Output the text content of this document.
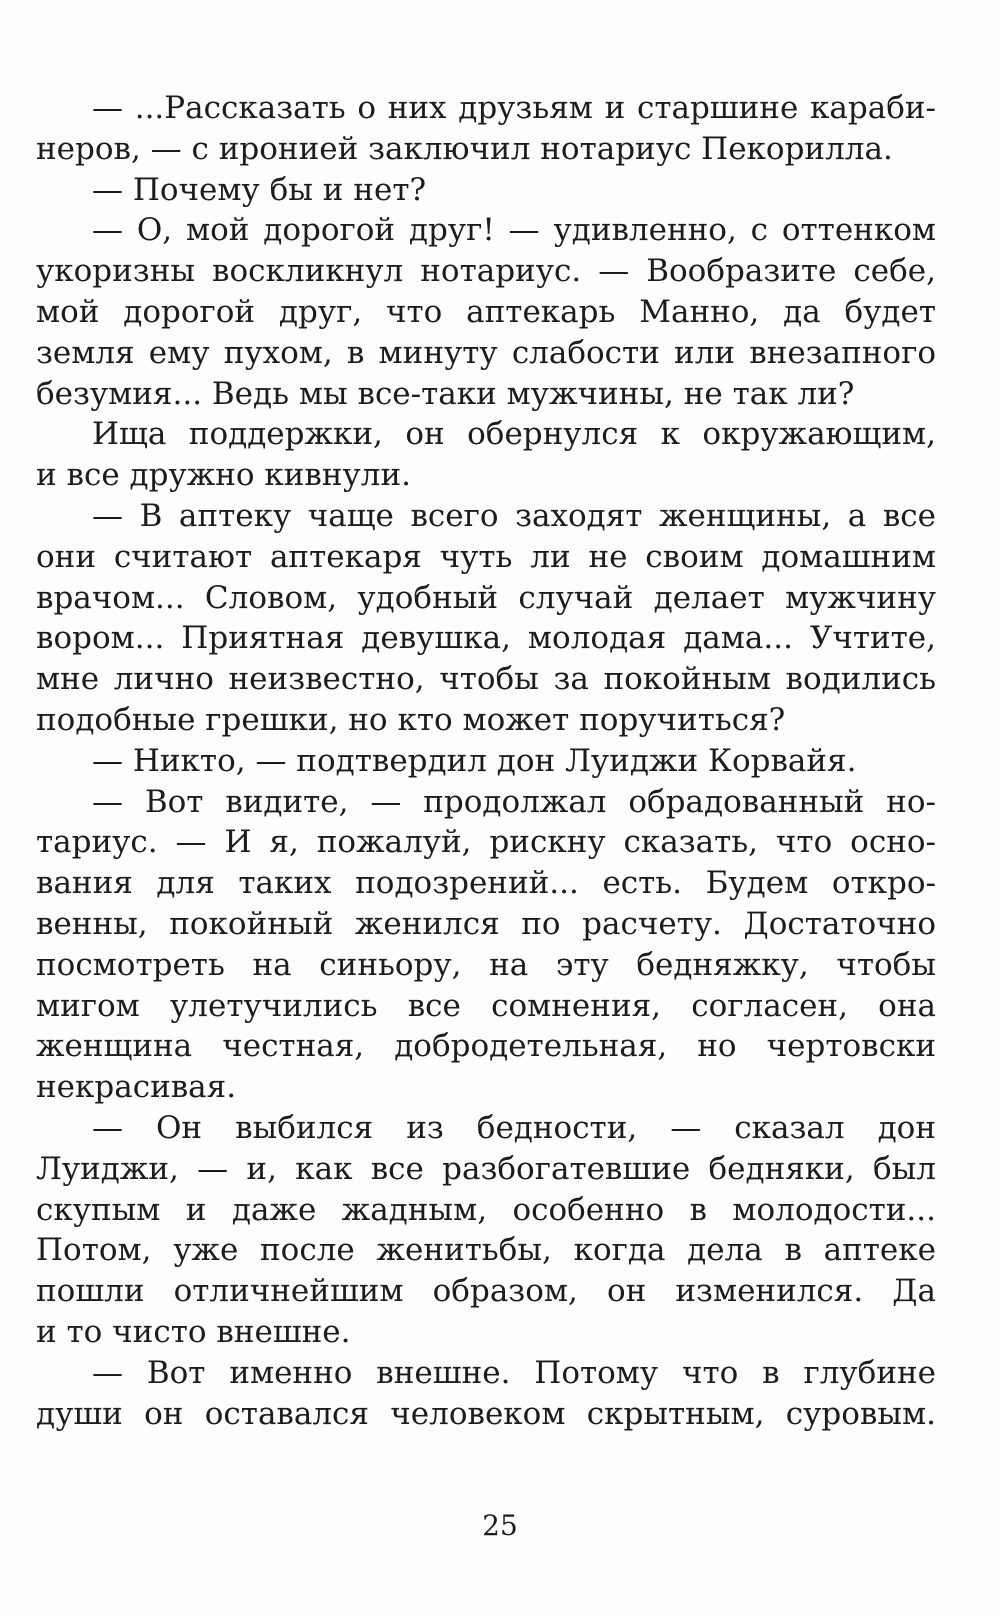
— ...Рассказать о них друзьям и старшине караби-
неров, — с иронией заключил нотариус Пекорилла.
— Почему бы и нет?
— О, мой дорогой друг! — удивленно, с оттенком
укоризны воскликнул нотариус. — Вообразите себе,
мой дорогой друг, что аптекарь Манно, да будет
земля ему пухом, в минуту слабости или внезапного
безумия... Ведь мы все-таки мужчины, не так ли?
Ища поддержки, он обернулся к окружающим,
и все дружно кивнули.
— В аптеку чаще всего заходят женщины, а все
они считают аптекаря чуть ли не своим домашним
врачом... Словом, удобный случай делает мужчину
вором... Приятная девушка, молодая дама... Учтите,
мне лично неизвестно, чтобы за покойным водились
подобные грешки, но кто может поручиться?
— Никто, — подтвердил дон Луиджи Корвайя.
— Вот видите, — продолжал обрадованный но-
тариус. — И я, пожалуй, рискну сказать, что осно-
вания для таких подозрений... есть. Будем откро-
венны, покойный женился по расчету. Достаточно
посмотреть на синьору, на эту бедняжку, чтобы
мигом улетучились все сомнения, согласен, она
женщина честная, добродетельная, но чертовски
некрасивая.
— Он выбился из бедности, — сказал дон
Луиджи, — и, как все разбогатевшие бедняки, был
скупым и даже жадным, особенно в молодости...
Потом, уже после женитьбы, когда дела в аптеке
пошли отличнейшим образом, он изменился. Да
и то чисто внешне.
— Вот именно внешне. Потому что в глубине
души он оставался человеком скрытным, суровым.
25
